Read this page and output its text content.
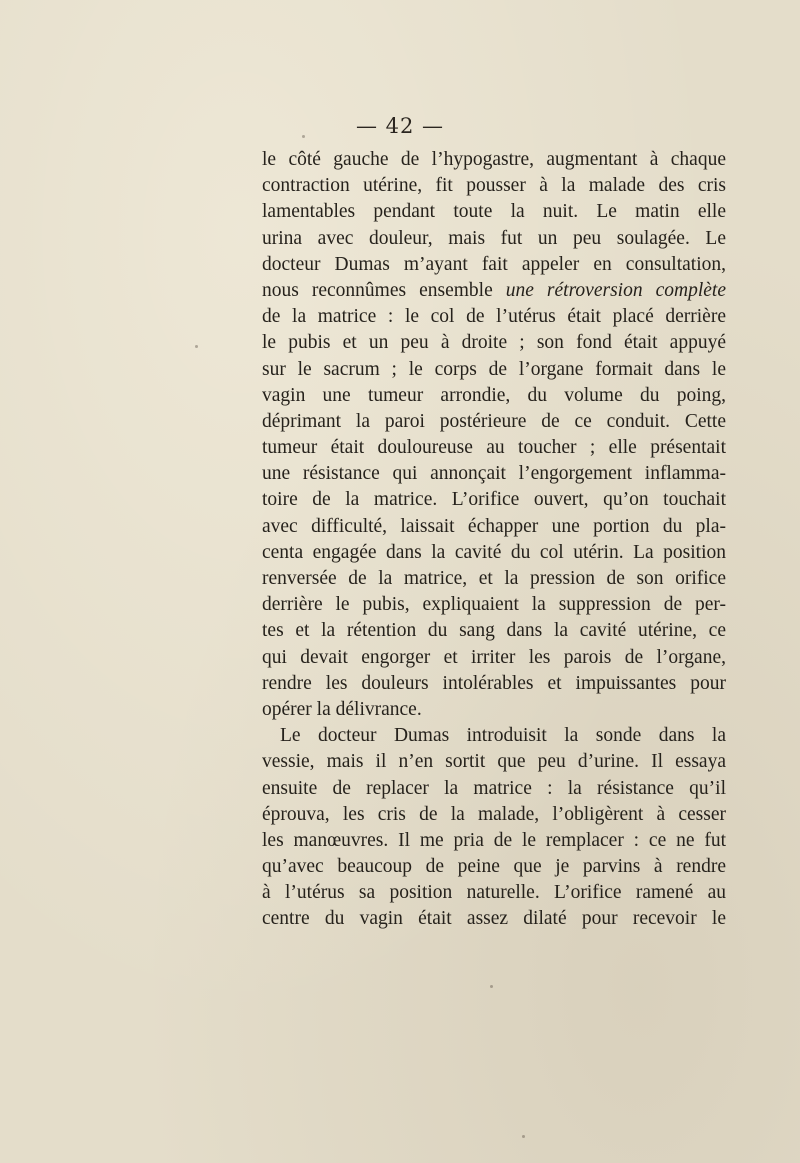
— 42 —
le côté gauche de l’hypogastre, augmentant à chaque
contraction utérine, fit pousser à la malade des cris
lamentables pendant toute la nuit. Le matin elle
urina avec douleur, mais fut un peu soulagée. Le
docteur Dumas m’ayant fait appeler en consultation,
nous reconnûmes ensemble une rétroversion complète
de la matrice : le col de l’utérus était placé derrière
le pubis et un peu à droite ; son fond était appuyé
sur le sacrum ; le corps de l’organe formait dans le
vagin une tumeur arrondie, du volume du poing,
déprimant la paroi postérieure de ce conduit. Cette
tumeur était douloureuse au toucher ; elle présentait
une résistance qui annonçait l’engorgement inflamma-
toire de la matrice. L’orifice ouvert, qu’on touchait
avec difficulté, laissait échapper une portion du pla-
centa engagée dans la cavité du col utérin. La position
renversée de la matrice, et la pression de son orifice
derrière le pubis, expliquaient la suppression de per-
tes et la rétention du sang dans la cavité utérine, ce
qui devait engorger et irriter les parois de l’organe,
rendre les douleurs intolérables et impuissantes pour
opérer la délivrance.
Le docteur Dumas introduisit la sonde dans la
vessie, mais il n’en sortit que peu d’urine. Il essaya
ensuite de replacer la matrice : la résistance qu’il
éprouva, les cris de la malade, l’obligèrent à cesser
les manœuvres. Il me pria de le remplacer : ce ne fut
qu’avec beaucoup de peine que je parvins à rendre
à l’utérus sa position naturelle. L’orifice ramené au
centre du vagin était assez dilaté pour recevoir le
